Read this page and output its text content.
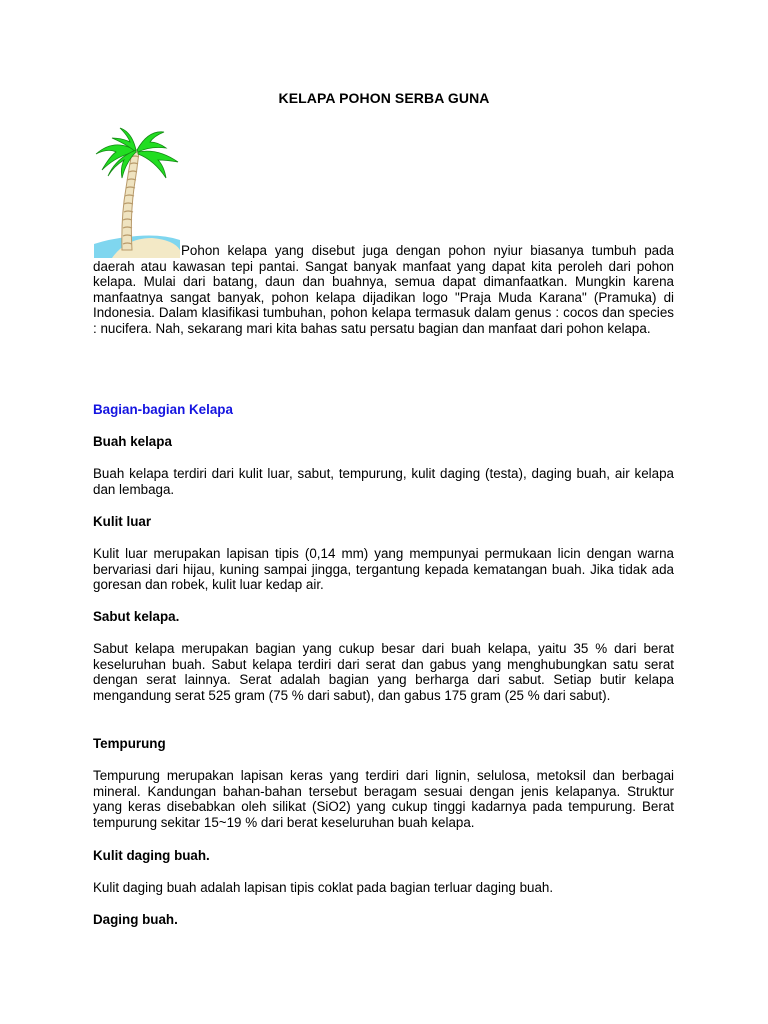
KELAPA POHON SERBA GUNA

Pohon kelapa yang disebut juga dengan pohon nyiur biasanya tumbuh pada daerah atau kawasan tepi pantai. Sangat banyak manfaat yang dapat kita peroleh dari pohon kelapa. Mulai dari batang, daun dan buahnya, semua dapat dimanfaatkan. Mungkin karena manfaatnya sangat banyak, pohon kelapa dijadikan logo "Praja Muda Karana" (Pramuka) di Indonesia. Dalam klasifikasi tumbuhan, pohon kelapa termasuk dalam genus : cocos dan species : nucifera. Nah, sekarang mari kita bahas satu persatu bagian dan manfaat dari pohon kelapa.

Bagian-bagian Kelapa
Buah kelapa

Buah kelapa terdiri dari kulit luar, sabut, tempurung, kulit daging (testa), daging buah, air kelapa dan lembaga.

Kulit luar

Kulit luar merupakan lapisan tipis (0,14 mm) yang mempunyai permukaan licin dengan warna bervariasi dari hijau, kuning sampai jingga, tergantung kepada kematangan buah. Jika tidak ada goresan dan robek, kulit luar kedap air.

Sabut kelapa.

Sabut kelapa merupakan bagian yang cukup besar dari buah kelapa, yaitu 35 % dari berat keseluruhan buah. Sabut kelapa terdiri dari serat dan gabus yang menghubungkan satu serat dengan serat lainnya. Serat adalah bagian yang berharga dari sabut. Setiap butir kelapa mengandung serat 525 gram (75 % dari sabut), dan gabus 175 gram (25 % dari sabut).

Tempurung

Tempurung merupakan lapisan keras yang terdiri dari lignin, selulosa, metoksil dan berbagai mineral. Kandungan bahan-bahan tersebut beragam sesuai dengan jenis kelapanya. Struktur yang keras disebabkan oleh silikat (SiO2) yang cukup tinggi kadarnya pada tempurung. Berat tempurung sekitar 15~19 % dari berat keseluruhan buah kelapa.

Kulit daging buah.

Kulit daging buah adalah lapisan tipis coklat pada bagian terluar daging buah.

Daging buah.
